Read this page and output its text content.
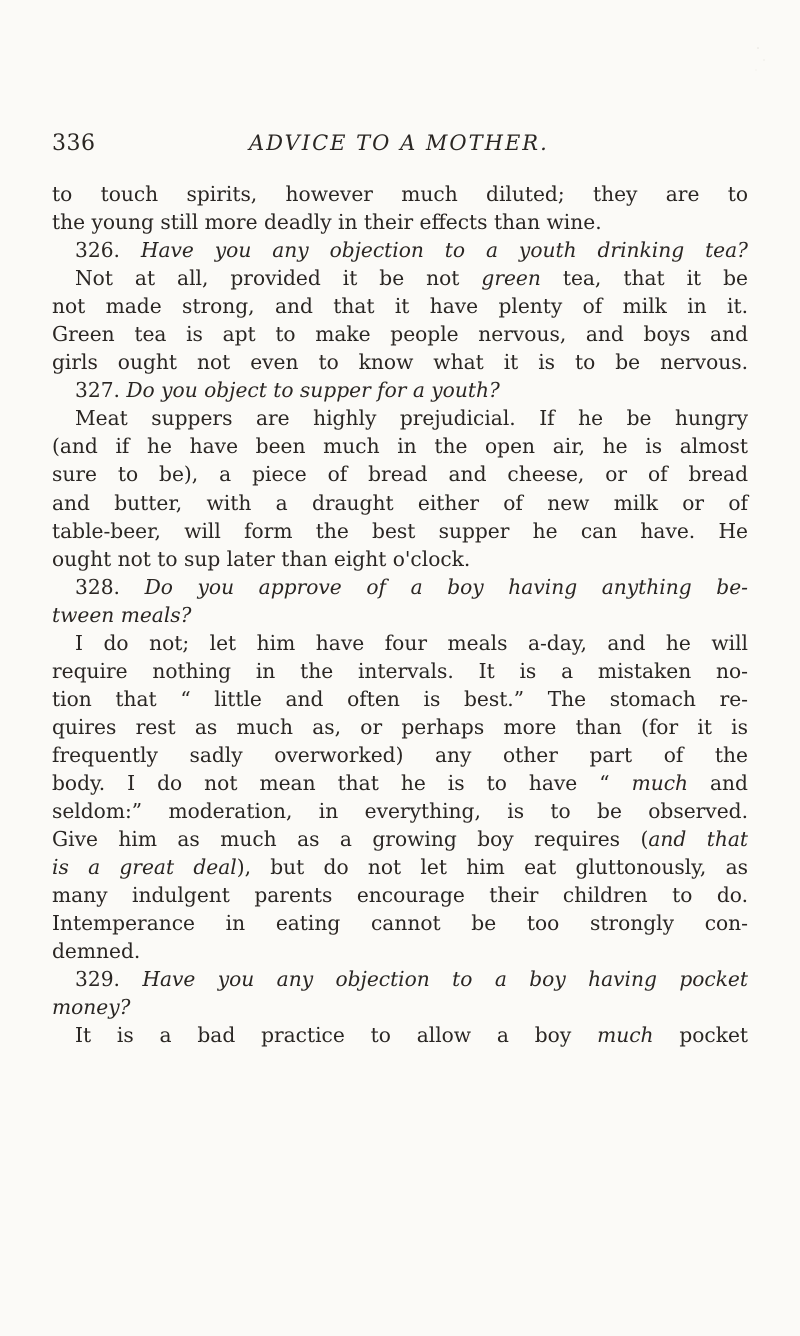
336	ADVICE TO A MOTHER.
to touch spirits, however much diluted; they are to
the young still more deadly in their effects than wine.
326. Have you any objection to a youth drinking tea?
Not at all, provided it be not green tea, that it be
not made strong, and that it have plenty of milk in it.
Green tea is apt to make people nervous, and boys and
girls ought not even to know what it is to be nervous.
327. Do you object to supper for a youth?
Meat suppers are highly prejudicial. If he be hungry
(and if he have been much in the open air, he is almost
sure to be), a piece of bread and cheese, or of bread
and butter, with a draught either of new milk or of
table-beer, will form the best supper he can have. He
ought not to sup later than eight o'clock.
328. Do you approve of a boy having anything be-
tween meals?
I do not; let him have four meals a-day, and he will
require nothing in the intervals. It is a mistaken no-
tion that “ little and often is best.” The stomach re-
quires rest as much as, or perhaps more than (for it is
frequently sadly overworked) any other part of the
body. I do not mean that he is to have “ much and
seldom:” moderation, in everything, is to be observed.
Give him as much as a growing boy requires (and that
is a great deal), but do not let him eat gluttonously, as
many indulgent parents encourage their children to do.
Intemperance in eating cannot be too strongly con-
demned.
329. Have you any objection to a boy having pocket
money?
It is a bad practice to allow a boy much pocket
